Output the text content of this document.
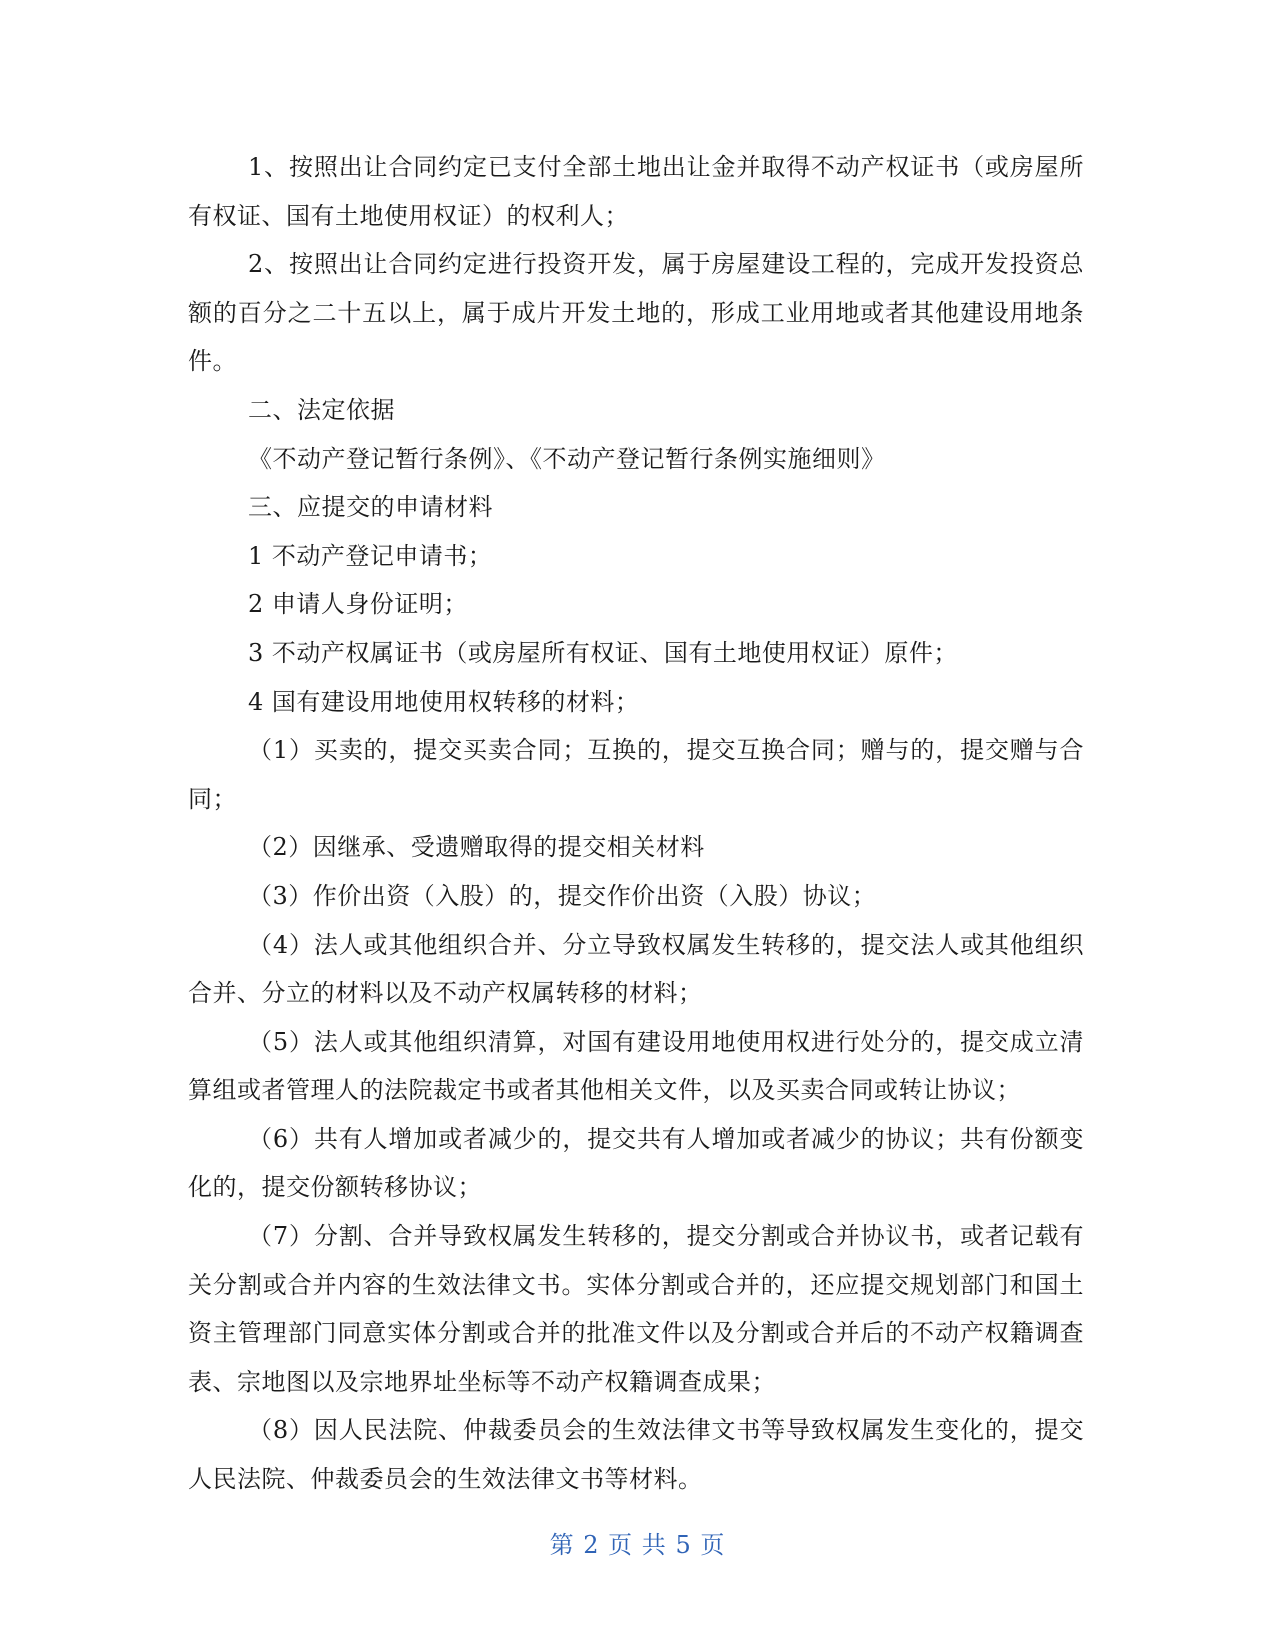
1、按照出让合同约定已支付全部土地出让金并取得不动产权证书（或房屋所有权证、国有土地使用权证）的权利人；

2、按照出让合同约定进行投资开发，属于房屋建设工程的，完成开发投资总额的百分之二十五以上，属于成片开发土地的，形成工业用地或者其他建设用地条件。

二、法定依据

《不动产登记暂行条例》、《不动产登记暂行条例实施细则》

三、应提交的申请材料

1 不动产登记申请书；

2 申请人身份证明；

3 不动产权属证书（或房屋所有权证、国有土地使用权证）原件；

4 国有建设用地使用权转移的材料；

（1）买卖的，提交买卖合同；互换的，提交互换合同；赠与的，提交赠与合同；

（2）因继承、受遗赠取得的提交相关材料

（3）作价出资（入股）的，提交作价出资（入股）协议；

（4）法人或其他组织合并、分立导致权属发生转移的，提交法人或其他组织合并、分立的材料以及不动产权属转移的材料；

（5）法人或其他组织清算，对国有建设用地使用权进行处分的，提交成立清算组或者管理人的法院裁定书或者其他相关文件，以及买卖合同或转让协议；

（6）共有人增加或者减少的，提交共有人增加或者减少的协议；共有份额变化的，提交份额转移协议；

（7）分割、合并导致权属发生转移的，提交分割或合并协议书，或者记载有关分割或合并内容的生效法律文书。实体分割或合并的，还应提交规划部门和国土资主管理部门同意实体分割或合并的批准文件以及分割或合并后的不动产权籍调查表、宗地图以及宗地界址坐标等不动产权籍调查成果；

（8）因人民法院、仲裁委员会的生效法律文书等导致权属发生变化的，提交人民法院、仲裁委员会的生效法律文书等材料。

第 2 页 共 5 页
